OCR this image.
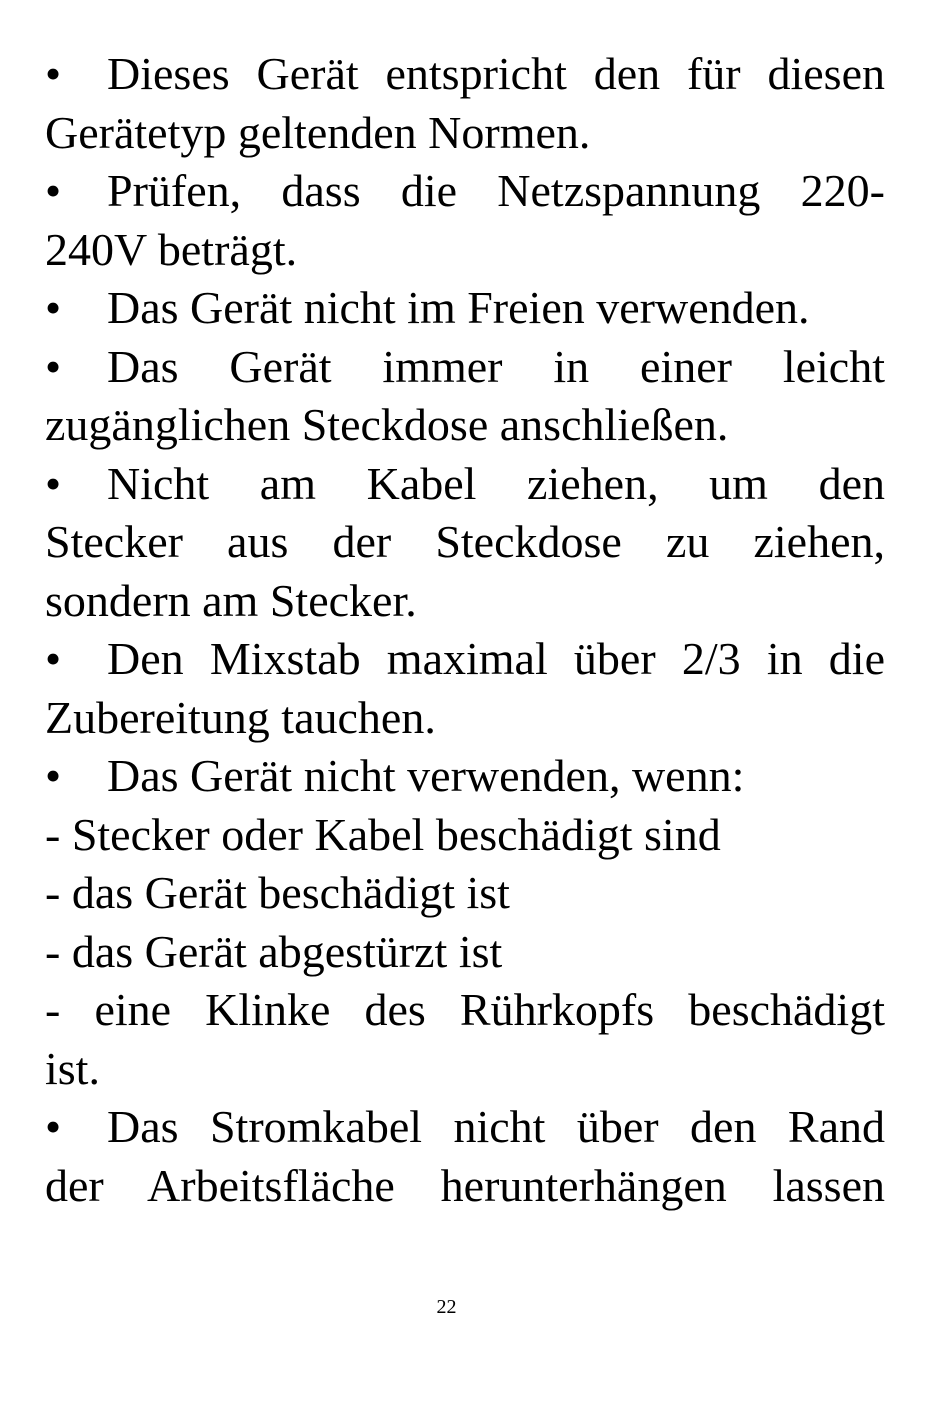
• Dieses Gerät entspricht den für diesen
Gerätetyp geltenden Normen.
• Prüfen, dass die Netzspannung 220-
240V beträgt.
• Das Gerät nicht im Freien verwenden.
• Das Gerät immer in einer leicht
zugänglichen Steckdose anschließen.
• Nicht am Kabel ziehen, um den
Stecker aus der Steckdose zu ziehen,
sondern am Stecker.
• Den Mixstab maximal über 2/3 in die
Zubereitung tauchen.
• Das Gerät nicht verwenden, wenn:
- Stecker oder Kabel beschädigt sind
- das Gerät beschädigt ist
- das Gerät abgestürzt ist
- eine Klinke des Rührkopfs beschädigt
ist.
• Das Stromkabel nicht über den Rand
der Arbeitsfläche herunterhängen lassen
22
